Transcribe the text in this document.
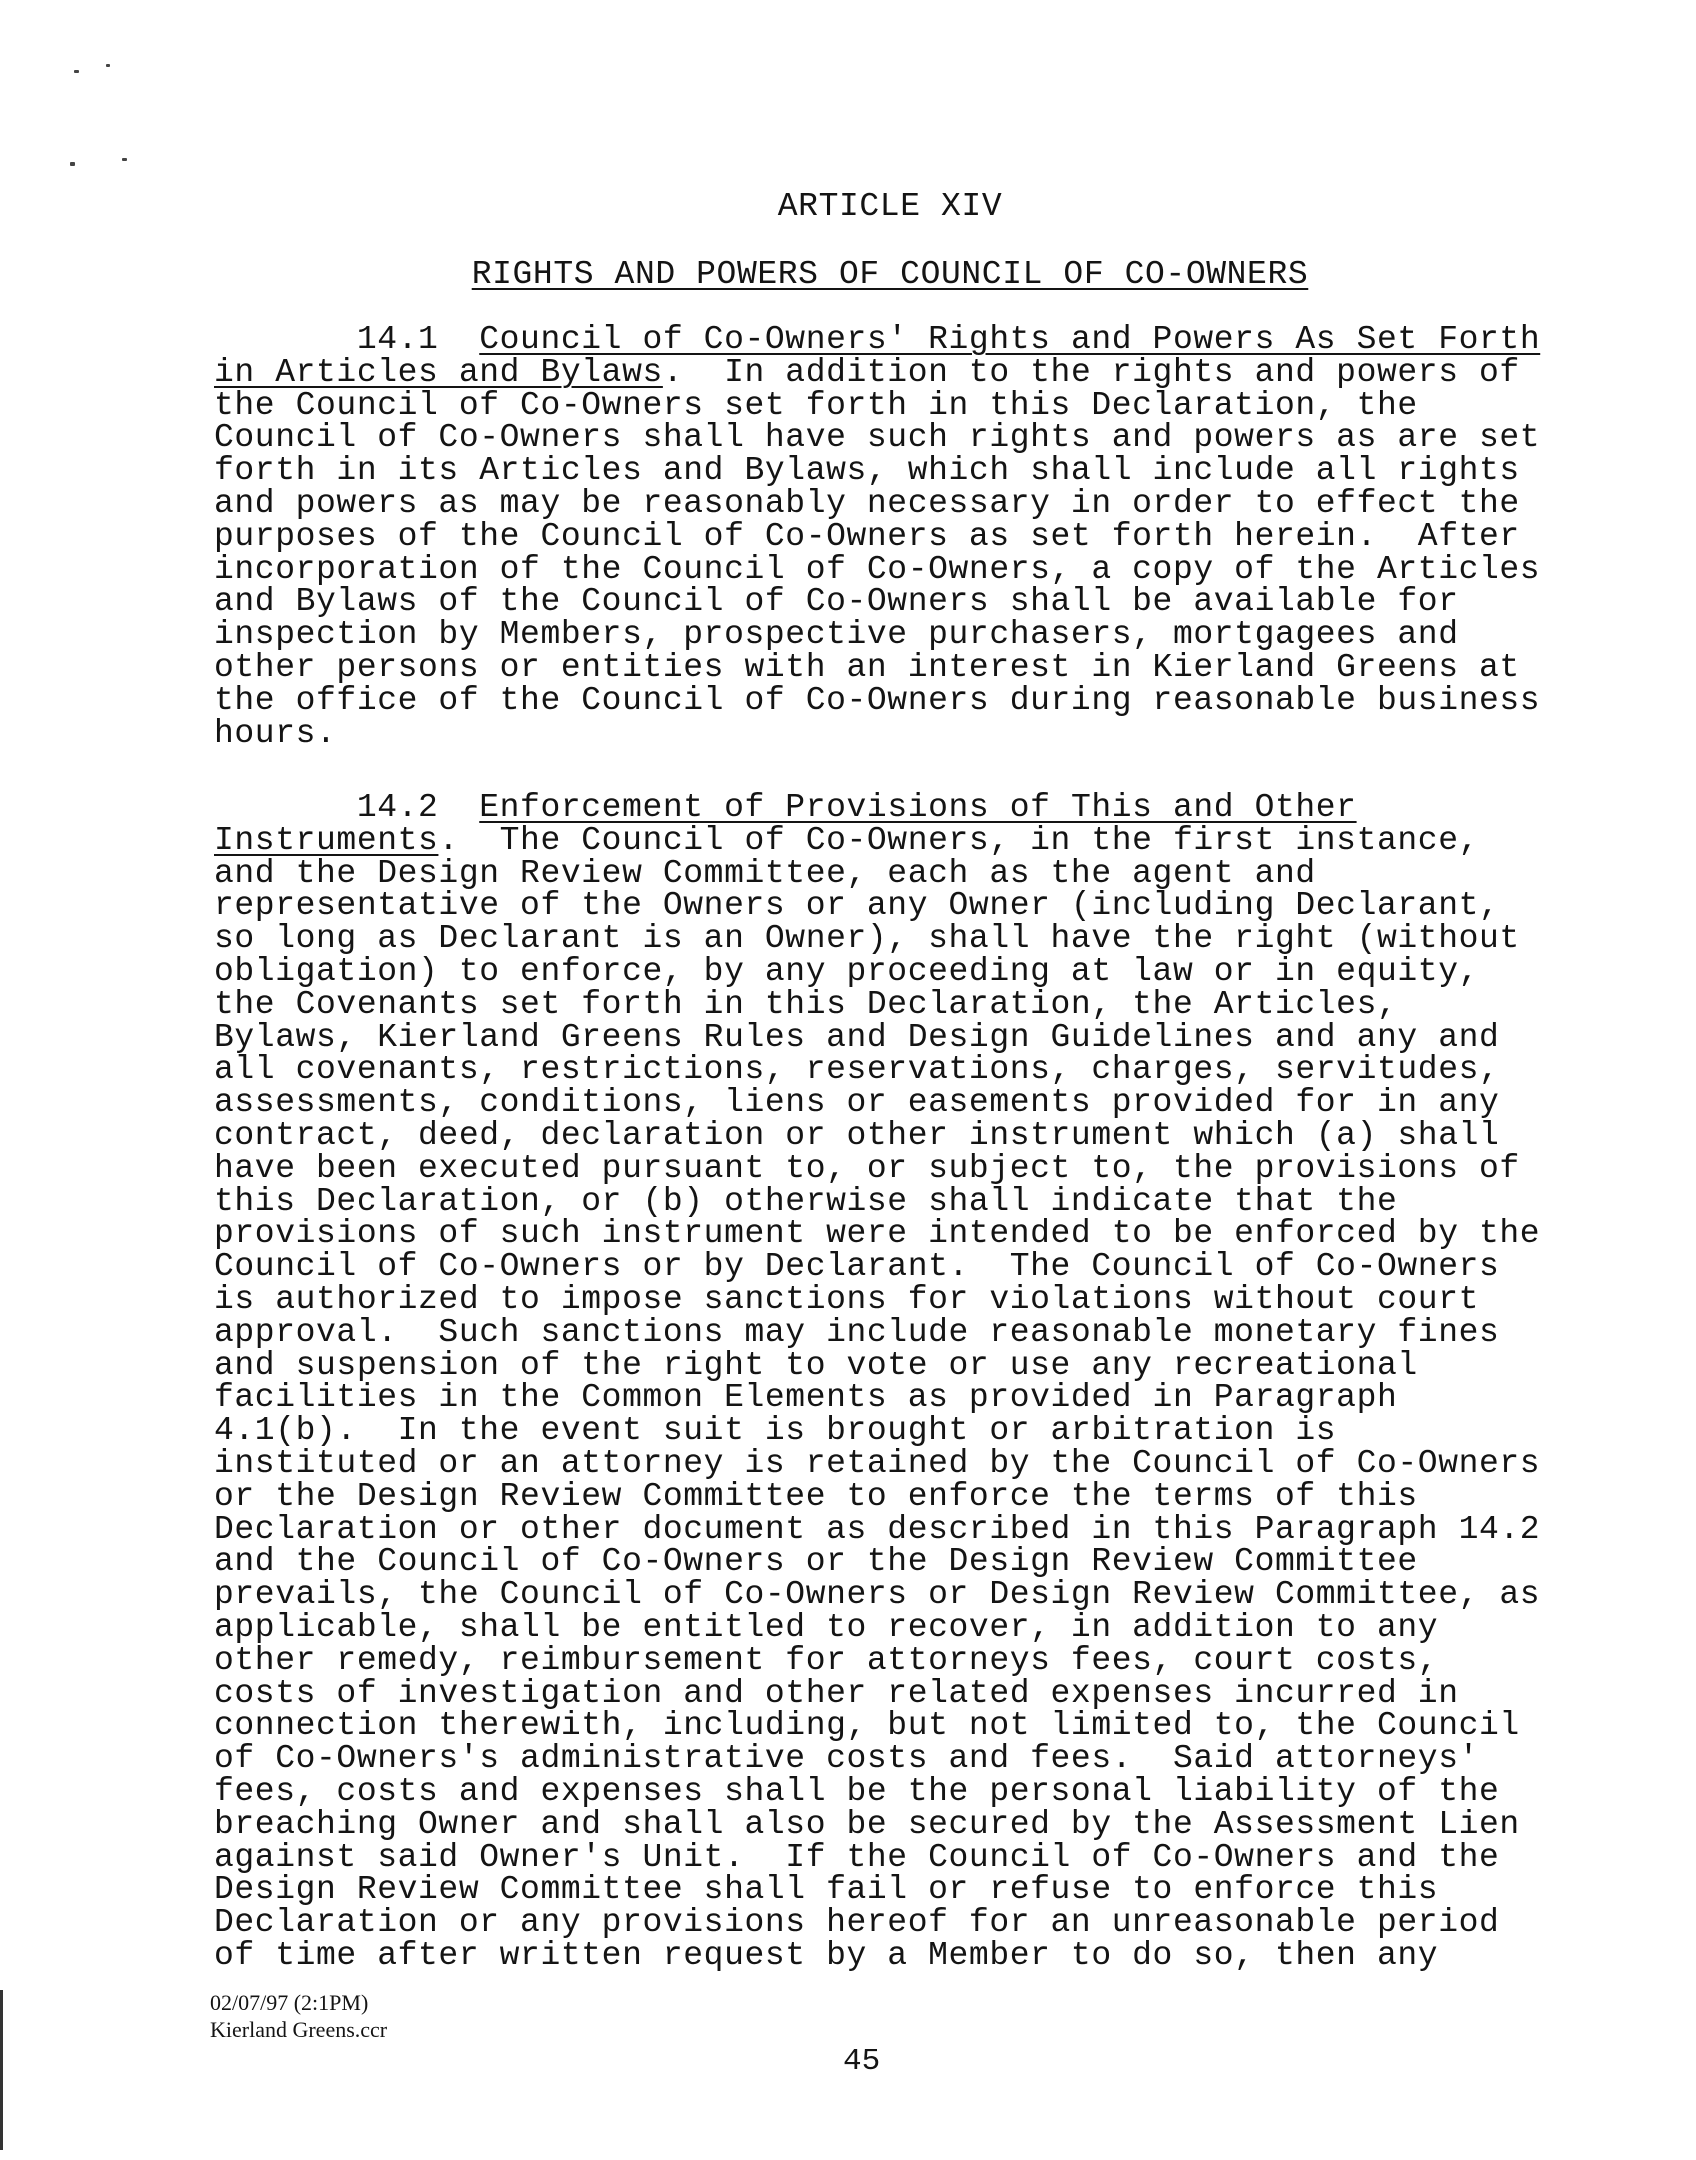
ARTICLE XIV
RIGHTS AND POWERS OF COUNCIL OF CO-OWNERS
14.1  Council of Co-Owners' Rights and Powers As Set Forth
in Articles and Bylaws.  In addition to the rights and powers of
the Council of Co-Owners set forth in this Declaration, the
Council of Co-Owners shall have such rights and powers as are set
forth in its Articles and Bylaws, which shall include all rights
and powers as may be reasonably necessary in order to effect the
purposes of the Council of Co-Owners as set forth herein.  After
incorporation of the Council of Co-Owners, a copy of the Articles
and Bylaws of the Council of Co-Owners shall be available for
inspection by Members, prospective purchasers, mortgagees and
other persons or entities with an interest in Kierland Greens at
the office of the Council of Co-Owners during reasonable business
hours.
14.2  Enforcement of Provisions of This and Other
Instruments.  The Council of Co-Owners, in the first instance,
and the Design Review Committee, each as the agent and
representative of the Owners or any Owner (including Declarant,
so long as Declarant is an Owner), shall have the right (without
obligation) to enforce, by any proceeding at law or in equity,
the Covenants set forth in this Declaration, the Articles,
Bylaws, Kierland Greens Rules and Design Guidelines and any and
all covenants, restrictions, reservations, charges, servitudes,
assessments, conditions, liens or easements provided for in any
contract, deed, declaration or other instrument which (a) shall
have been executed pursuant to, or subject to, the provisions of
this Declaration, or (b) otherwise shall indicate that the
provisions of such instrument were intended to be enforced by the
Council of Co-Owners or by Declarant.  The Council of Co-Owners
is authorized to impose sanctions for violations without court
approval.  Such sanctions may include reasonable monetary fines
and suspension of the right to vote or use any recreational
facilities in the Common Elements as provided in Paragraph
4.1(b).  In the event suit is brought or arbitration is
instituted or an attorney is retained by the Council of Co-Owners
or the Design Review Committee to enforce the terms of this
Declaration or other document as described in this Paragraph 14.2
and the Council of Co-Owners or the Design Review Committee
prevails, the Council of Co-Owners or Design Review Committee, as
applicable, shall be entitled to recover, in addition to any
other remedy, reimbursement for attorneys fees, court costs,
costs of investigation and other related expenses incurred in
connection therewith, including, but not limited to, the Council
of Co-Owners's administrative costs and fees.  Said attorneys'
fees, costs and expenses shall be the personal liability of the
breaching Owner and shall also be secured by the Assessment Lien
against said Owner's Unit.  If the Council of Co-Owners and the
Design Review Committee shall fail or refuse to enforce this
Declaration or any provisions hereof for an unreasonable period
of time after written request by a Member to do so, then any
02/07/97 (2:1PM)
Kierland Greens.ccr
45
